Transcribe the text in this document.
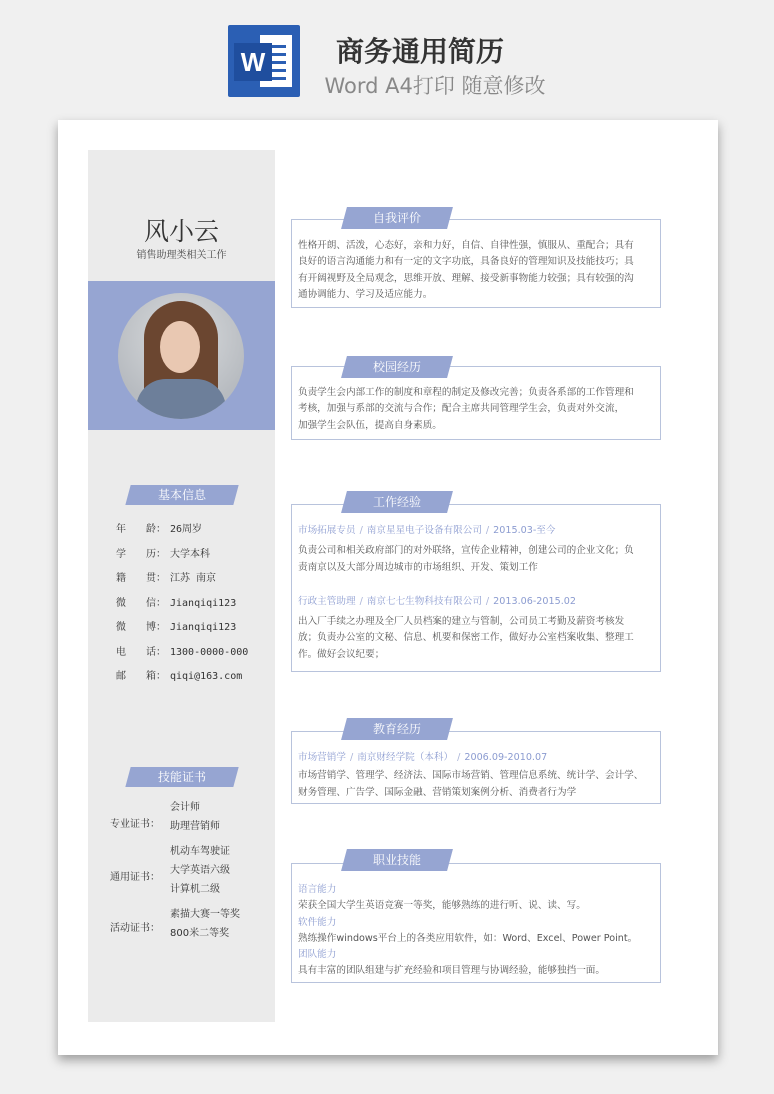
W	商务通用简历
Word A4打印 随意修改
风小云
销售助理类相关工作
基本信息
年　　龄： 26周岁
学　　历： 大学本科
籍　　贯： 江苏 南京
微　　信： Jianqiqi123
微　　博： Jianqiqi123
电　　话： 1300-0000-000
邮　　箱： qiqi@163.com
技能证书
专业证书：
会计师
助理营销师
通用证书：
机动车驾驶证
大学英语六级
计算机二级
活动证书：
素描大赛一等奖
800米二等奖
性格开朗、活泼，心态好，亲和力好，自信、自律性强，慎服从、重配合；具有
良好的语言沟通能力和有一定的文字功底，具备良好的管理知识及技能技巧；具
有开阔视野及全局观念，思维开放、理解、接受新事物能力较强；具有较强的沟
通协调能力、学习及适应能力。
自我评价
负责学生会内部工作的制度和章程的制定及修改完善；负责各系部的工作管理和
考核，加强与系部的交流与合作；配合主席共同管理学生会，负责对外交流，
加强学生会队伍，提高自身素质。
校园经历
市场拓展专员 / 南京星星电子设备有限公司 / 2015.03-至今
负责公司和相关政府部门的对外联络，宣传企业精神，创建公司的企业文化；负
责南京以及大部分周边城市的市场组织、开发、策划工作
行政主管助理 / 南京七七生物科技有限公司 / 2013.06-2015.02
出入厂手续之办理及全厂人员档案的建立与管制，公司员工考勤及薪资考核发
放；负责办公室的文秘、信息、机要和保密工作，做好办公室档案收集、整理工
作。做好会议纪要；
工作经验
市场营销学 / 南京财经学院（本科） / 2006.09-2010.07
市场营销学、管理学、经济法、国际市场营销、管理信息系统、统计学、会计学、
财务管理、广告学、国际金融、营销策划案例分析、消费者行为学
教育经历
语言能力
荣获全国大学生英语竞赛一等奖，能够熟练的进行听、说、读、写。
软件能力
熟练操作windows平台上的各类应用软件，如：Word、Excel、Power Point。
团队能力
具有丰富的团队组建与扩充经验和项目管理与协调经验，能够独挡一面。
职业技能
